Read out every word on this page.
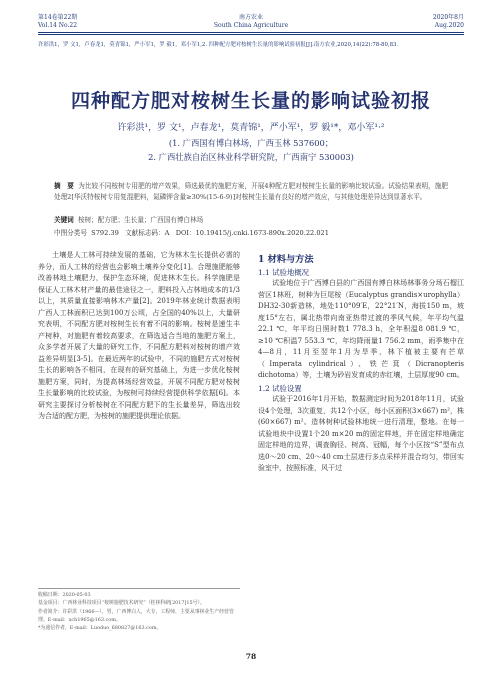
第14卷第22期
Vol.14 No.22
南方农业
South China Agriculture
2020年8月
Aug.2020
许彩洪1，罗 文1，卢春龙1，莫青锦1，严小军1，罗 毅1，邓小军1,2. 四种配方肥对桉树生长量的影响试验初报[J].南方农业,2020,14(22):78-80,83.
四种配方肥对桉树生长量的影响试验初报
许彩洪¹，罗 文¹，卢春龙¹，莫青锦¹，严小军¹，罗 毅¹*，邓小军¹·²
(1. 广西国有博白林场，广西玉林 537600；
2. 广西壮族自治区林业科学研究院，广西南宁 530003)
摘　要 为比较不同桉树专用肥的增产效果，筛选最优的施肥方案，开展4种配方肥对桉树生长量的影响比较试验。试验结果表明，施肥处理2[华沃特桉树专用复混肥料，氮磷钾含量≥30%(15-6-9)]对桉树生长量有良好的增产效应，与其他处理差异达到显著水平。
关键词 桉树；配方肥；生长量；广西国有博白林场
中图分类号 S792.39 文献标志码：A DOI：10.19415/j.cnki.1673-890x.2020.22.021

土壤是人工林可持续发展的基础，它为林木生长提供必需的养分，而人工林的经营也会影响土壤养分变化[1]。合理施肥能够改善林地土壤肥力，保护生态环境，促进林木生长。科学施肥是保证人工林木材产量的最佳途径之一，肥料投入占林地成本的1/3以上，其质量直接影响林木产量[2]。2019年林业统计数据表明广西人工林面积已达到100万公顷，占全国的40%以上，大量研究表明，不同配方肥对桉树生长有着不同的影响。桉树是速生丰产树种，对施肥有着较高要求，在筛选适合当地的施肥方案上，众多学者开展了大量的研究工作，不同配方肥料对桉树的增产效益差异明显[3-5]。在最近两年的试验中，不同的施肥方式对桉树生长的影响各不相同，在现有的研究基础上，为进一步优化桉树施肥方案，同时，为提高林场经营效益，开展不同配方肥对桉树生长量影响的比较试验，为桉树可持续经营提供科学依据[6]。本研究主要探讨分析桉树在不同配方肥下的生长量差异，筛选出较为合适的配方肥，为桉树的施肥提供理论依据。

收稿日期：2020-05-03
基金项目：广西林业科技项目“桉树施肥技术研究”（桂林科研[2017]15号）。
作者简介：许彩洪（1966—），男，广西博白人，大专，工程师，主要从事林业生产经营管理。E-mail：xch1965@163.com。
*为通信作者，E-mail：Luoduo_680827@163.com。
1 材料与方法
1.1 试验地概况

试验地位于广西博白县的广西国有博白林场林事务分场石榴江营区1林班，树种为巨尾桉（Eucalyptus grandis×urophylla）DH32-30新造林，地处110°09′E，22°21′N，海拔150 m，坡度15°左右，属北热带向南亚热带过渡的季风气候，年平均气温22.1 ℃，年平均日照时数1 778.3 h，全年积温8 081.9 ℃，≥10 ℃积温7 553.3 ℃，年均降雨量1 756.2 mm，雨季集中在4—8月，11月至翌年1月为旱季，林下植被主要有芒草（Imperata cylindrical）、铁芒萁（Dicranopteris dichotoma）等，土壤为砂岩发育成的赤红壤，土层厚度90 cm。

1.2 试验设置

试验于2016年1月开始，数据测定时间为2018年11月，试验设4个处理，3次重复，共12个小区，每小区面积(3×667) m²，株(60×667) m²。造林树种试验林地统一进行清理，整地。在每一试验地块中设置1个20 m×20 m的固定样地，并在固定样地确定固定样地的边界，调查胸径、树高、冠幅，每个小区按“S”型布点选0～20 cm、20～40 cm土层进行多点采样并混合均匀，带回实验室中，按照标准，风干过

78
